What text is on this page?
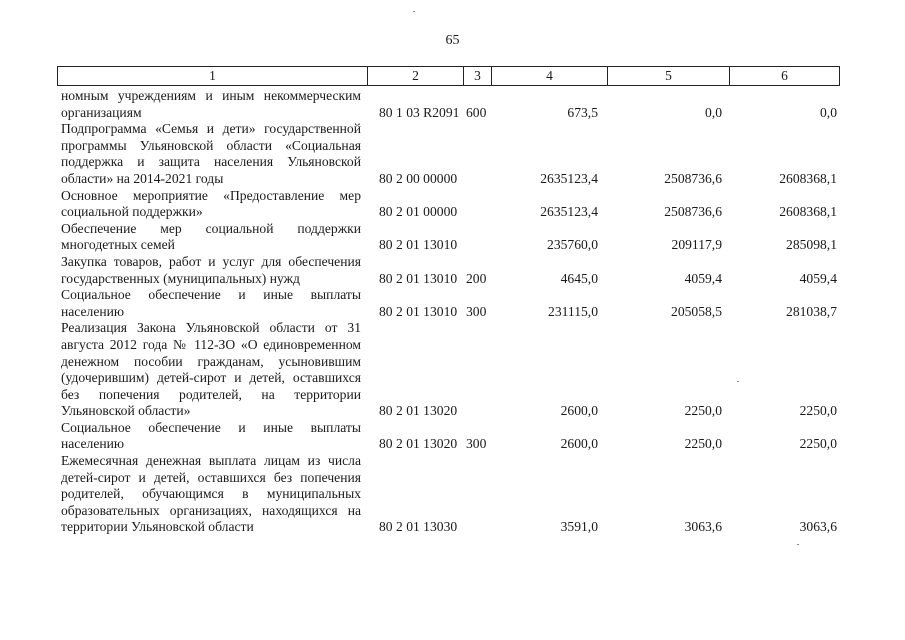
65
1	2	3	4	5	6
номным учреждениям и иным некоммерческим организациям	80 1 03 R2091	600	673,5	0,0	0,0
Подпрограмма «Семья и дети» государственной программы Ульяновской области «Социальная поддержка и защита населения Ульяновской области» на 2014-2021 годы	80 2 00 00000		2635123,4	2508736,6	2608368,1
Основное мероприятие «Предоставление мер социальной поддержки»	80 2 01 00000		2635123,4	2508736,6	2608368,1
Обеспечение мер социальной поддержки многодетных семей	80 2 01 13010		235760,0	209117,9	285098,1
Закупка товаров, работ и услуг для обеспечения государственных (муниципальных) нужд	80 2 01 13010	200	4645,0	4059,4	4059,4
Социальное обеспечение и иные выплаты населению	80 2 01 13010	300	231115,0	205058,5	281038,7
Реализация Закона Ульяновской области от 31 августа 2012 года № 112-ЗО «О единовременном денежном пособии гражданам, усыновившим (удочерившим) детей-сирот и детей, оставшихся без попечения родителей, на территории Ульяновской области»	80 2 01 13020		2600,0	2250,0	2250,0
Социальное обеспечение и иные выплаты населению	80 2 01 13020	300	2600,0	2250,0	2250,0
Ежемесячная денежная выплата лицам из числа детей-сирот и детей, оставшихся без попечения родителей, обучающимся в муниципальных образовательных организациях, находящихся на территории Ульяновской области	80 2 01 13030		3591,0	3063,6	3063,6
